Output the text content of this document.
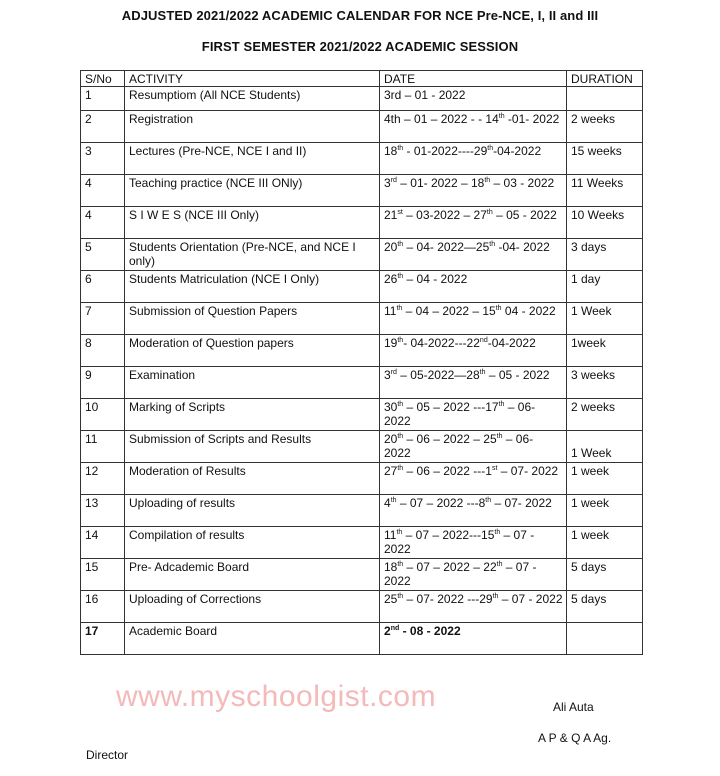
ADJUSTED 2021/2022 ACADEMIC CALENDAR FOR NCE Pre-NCE, I, II and III
FIRST SEMESTER 2021/2022 ACADEMIC SESSION
S/No	ACTIVITY	DATE	DURATION
1	Resumptiom (All NCE Students)	3rd – 01 - 2022	
2	Registration	4th – 01 – 2022 - - 14th -01- 2022	2 weeks
3	Lectures (Pre-NCE, NCE I and II)	18th - 01-2022----29th-04-2022	15 weeks
4	Teaching practice (NCE III ONly)	3rd – 01- 2022 – 18th – 03 - 2022	11 Weeks
4	S I W E S (NCE III Only)	21st – 03-2022 – 27th – 05 - 2022	10 Weeks
5	Students Orientation (Pre-NCE, and NCE I only)	20th – 04- 2022—25th -04- 2022	3 days
6	Students Matriculation (NCE I Only)	26th – 04 - 2022	1 day
7	Submission of Question Papers	11th – 04 – 2022 – 15th 04 - 2022	1 Week
8	Moderation of Question papers	19th- 04-2022---22nd-04-2022	1week
9	Examination	3rd – 05-2022—28th – 05 - 2022	3 weeks
10	Marking of Scripts	30th – 05 – 2022 ---17th – 06- 2022	2 weeks
11	Submission of Scripts and Results	20th – 06 – 2022 – 25th – 06- 2022	1 Week
12	Moderation of Results	27th – 06 – 2022 ---1st – 07- 2022	1 week
13	Uploading of results	4th – 07 – 2022 ---8th – 07- 2022	1 week
14	Compilation of results	11th – 07 – 2022---15th – 07 - 2022	1 week
15	Pre- Adcademic Board	18th – 07 – 2022 – 22th – 07 - 2022	5 days
16	Uploading of Corrections	25th – 07- 2022 ---29th – 07 - 2022	5 days
17	Academic Board	2nd - 08 - 2022	
www.myschoolgist.com	Ali Auta
A P & Q A Ag.
Director
